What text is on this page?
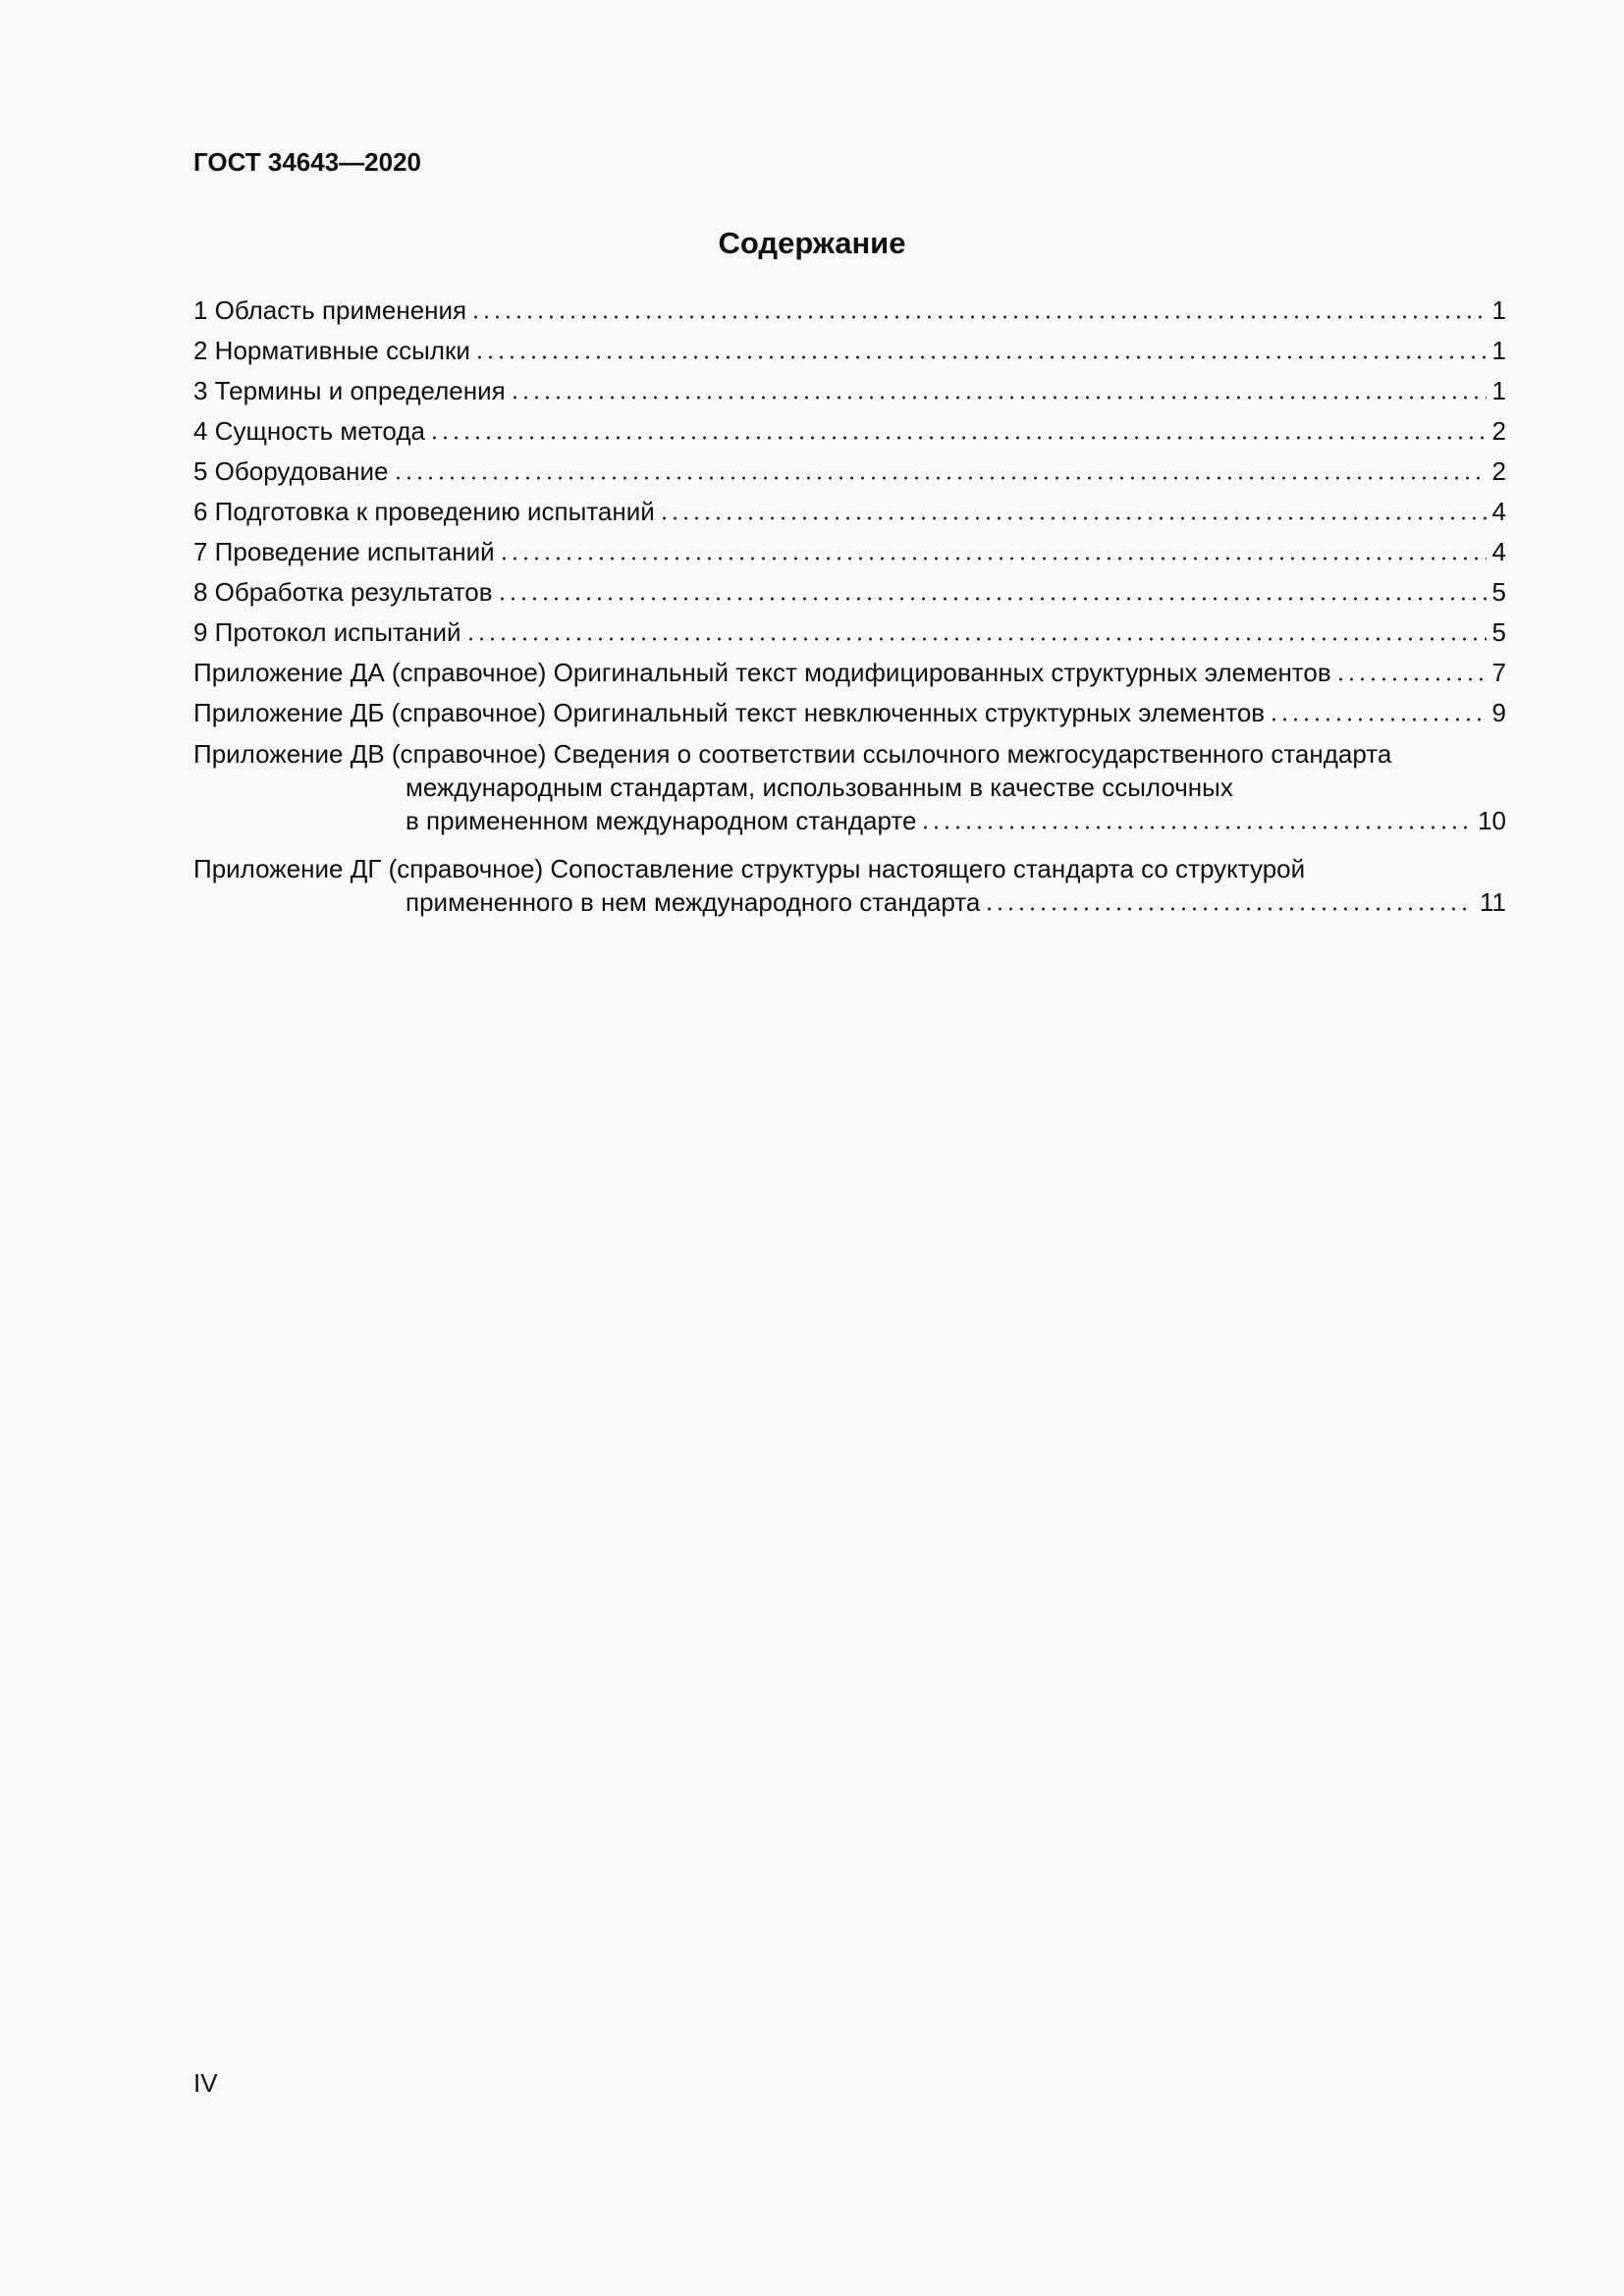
ГОСТ 34643—2020
Содержание
1 Область применения	1
2 Нормативные ссылки	1
3 Термины и определения	1
4 Сущность метода	2
5 Оборудование	2
6 Подготовка к проведению испытаний	4
7 Проведение испытаний	4
8 Обработка результатов	5
9 Протокол испытаний	5
Приложение ДА (справочное) Оригинальный текст модифицированных структурных элементов	7
Приложение ДБ (справочное) Оригинальный текст невключенных структурных элементов	9
Приложение ДВ (справочное) Сведения о соответствии ссылочного межгосударственного стандарта
международным стандартам, использованным в качестве ссылочных
в примененном международном стандарте	10
Приложение ДГ (справочное) Сопоставление структуры настоящего стандарта со структурой
примененного в нем международного стандарта	11
IV
